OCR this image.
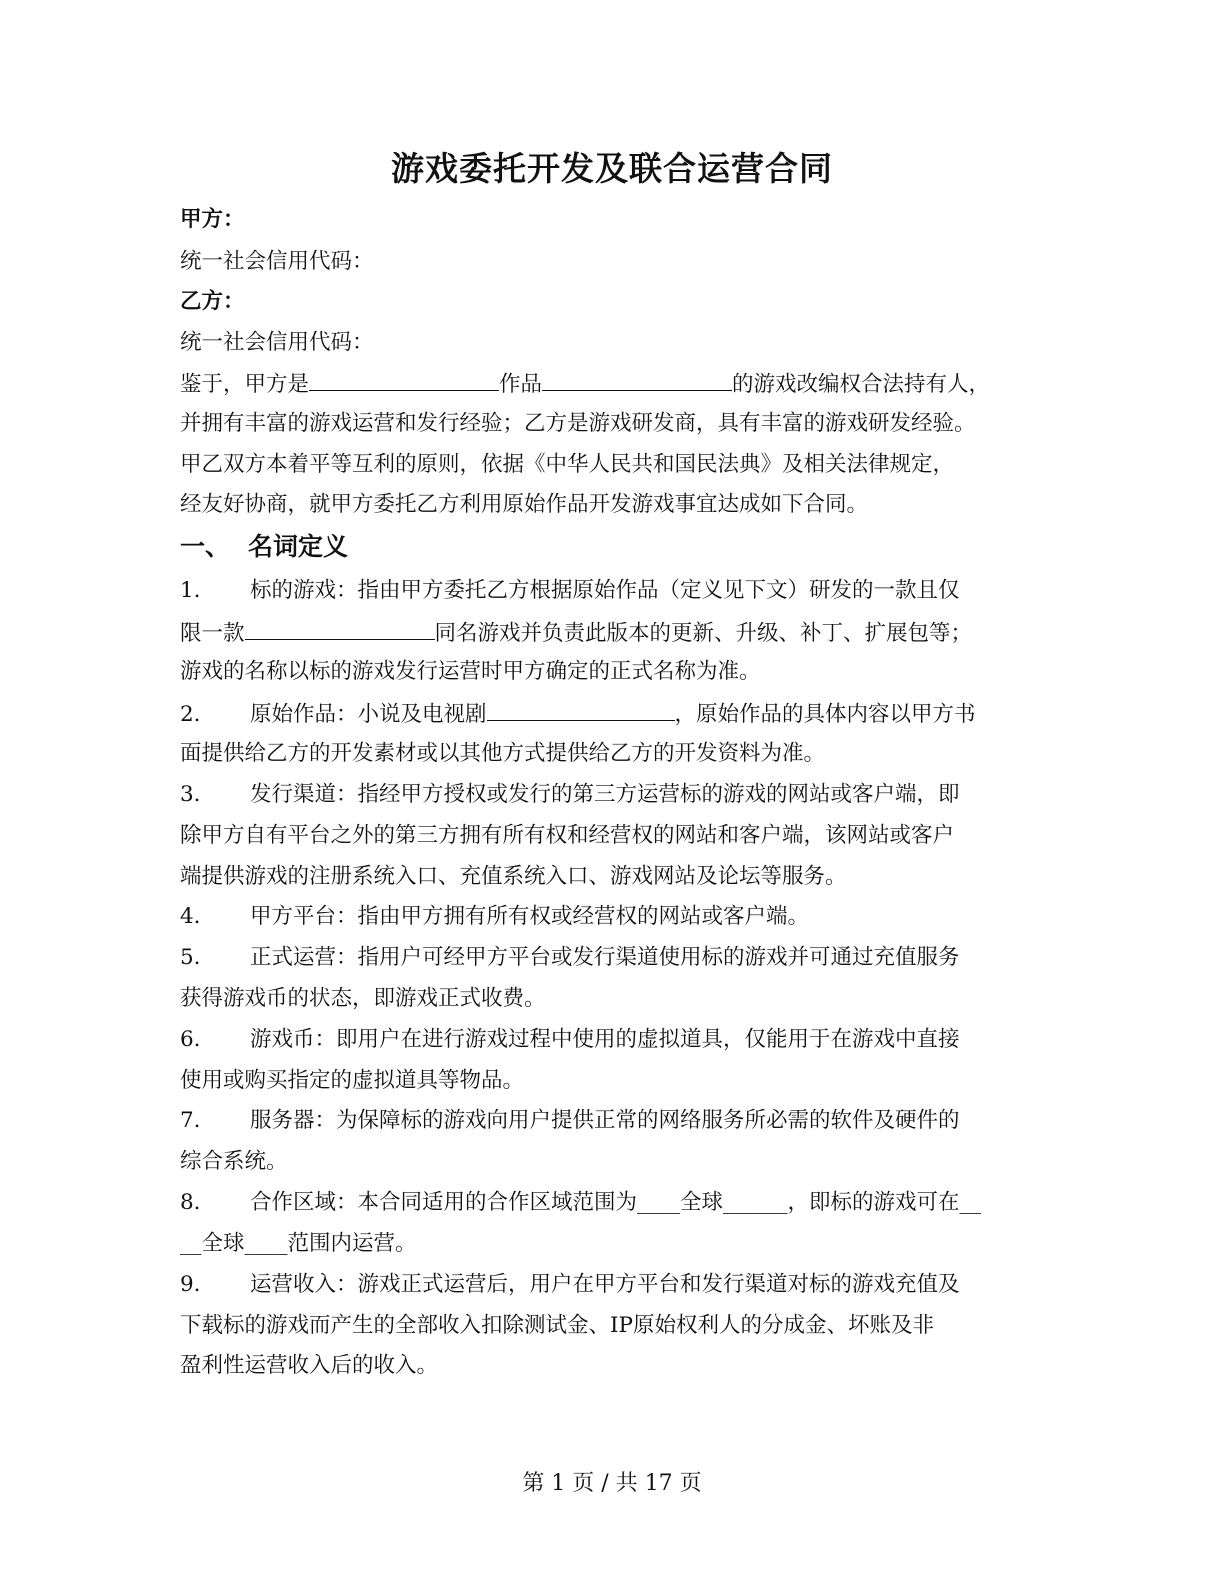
游戏委托开发及联合运营合同
甲方：
统一社会信用代码：
乙方：
统一社会信用代码：
鉴于，甲方是	作品	的游戏改编权合法持有人，
并拥有丰富的游戏运营和发行经验；乙方是游戏研发商，具有丰富的游戏研发经验。
甲乙双方本着平等互利的原则，依据《中华人民共和国民法典》及相关法律规定，
经友好协商，就甲方委托乙方利用原始作品开发游戏事宜达成如下合同。
一、 名词定义
1. 标的游戏：指由甲方委托乙方根据原始作品（定义见下文）研发的一款且仅
限一款	同名游戏并负责此版本的更新、升级、补丁、扩展包等；
游戏的名称以标的游戏发行运营时甲方确定的正式名称为准。
2. 原始作品：小说及电视剧	，原始作品的具体内容以甲方书
面提供给乙方的开发素材或以其他方式提供给乙方的开发资料为准。
3. 发行渠道：指经甲方授权或发行的第三方运营标的游戏的网站或客户端，即
除甲方自有平台之外的第三方拥有所有权和经营权的网站和客户端，该网站或客户
端提供游戏的注册系统入口、充值系统入口、游戏网站及论坛等服务。
4. 甲方平台：指由甲方拥有所有权或经营权的网站或客户端。
5. 正式运营：指用户可经甲方平台或发行渠道使用标的游戏并可通过充值服务
获得游戏币的状态，即游戏正式收费。
6. 游戏币：即用户在进行游戏过程中使用的虚拟道具，仅能用于在游戏中直接
使用或购买指定的虚拟道具等物品。
7. 服务器：为保障标的游戏向用户提供正常的网络服务所必需的软件及硬件的
综合系统。
8. 合作区域：本合同适用的合作区域范围为____全球______，即标的游戏可在__
__全球____范围内运营。
9. 运营收入：游戏正式运营后，用户在甲方平台和发行渠道对标的游戏充值及
下载标的游戏而产生的全部收入扣除测试金、IP原始权利人的分成金、坏账及非
盈利性运营收入后的收入。
第 1 页 / 共 17 页
